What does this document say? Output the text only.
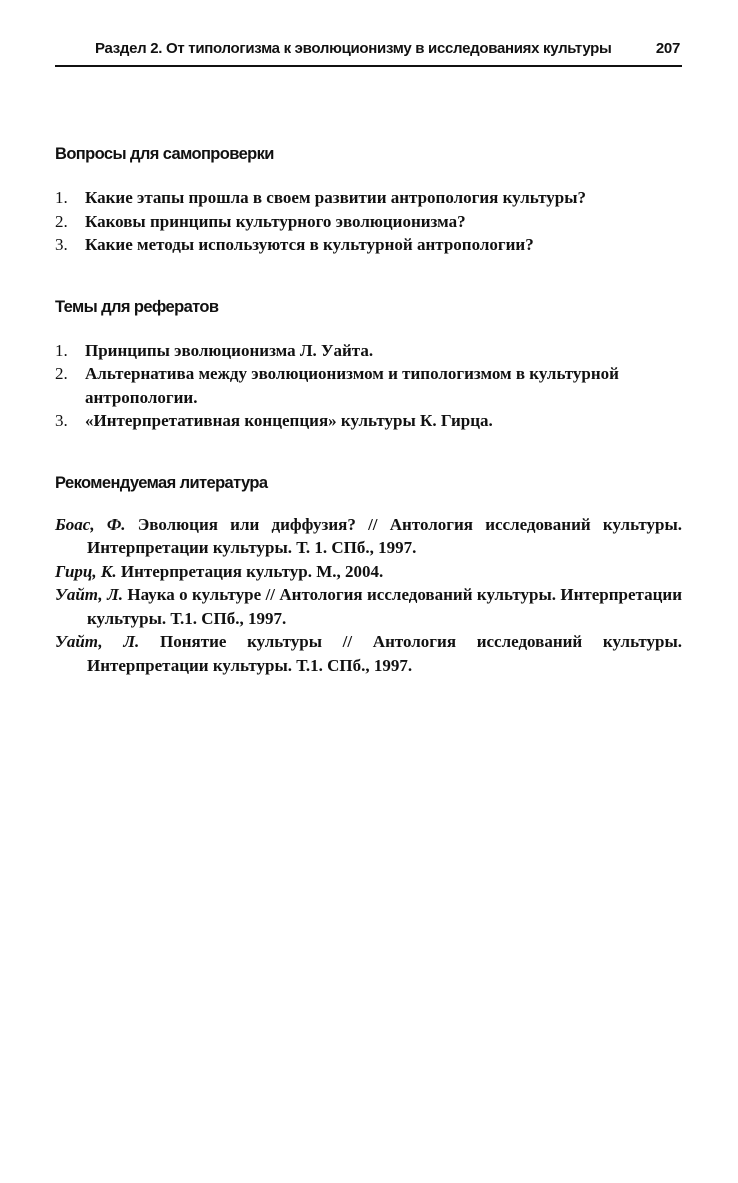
Раздел 2. От типологизма к эволюционизму в исследованиях культуры	207
Вопросы для самопроверки
1. Какие этапы прошла в своем развитии антропология культуры?
2. Каковы принципы культурного эволюционизма?
3. Какие методы используются в культурной антропологии?
Темы для рефератов
1. Принципы эволюционизма Л. Уайта.
2. Альтернатива между эволюционизмом и типологизмом в культурной антропологии.
3. «Интерпретативная концепция» культуры К. Гирца.
Рекомендуемая литература
Боас, Ф. Эволюция или диффузия? // Антология исследований культуры. Интерпретации культуры. Т. 1. СПб., 1997.
Гирц, К. Интерпретация культур. М., 2004.
Уайт, Л. Наука о культуре // Антология исследований культуры. Интерпретации культуры. Т.1. СПб., 1997.
Уайт, Л. Понятие культуры // Антология исследований культуры. Интерпретации культуры. Т.1. СПб., 1997.
